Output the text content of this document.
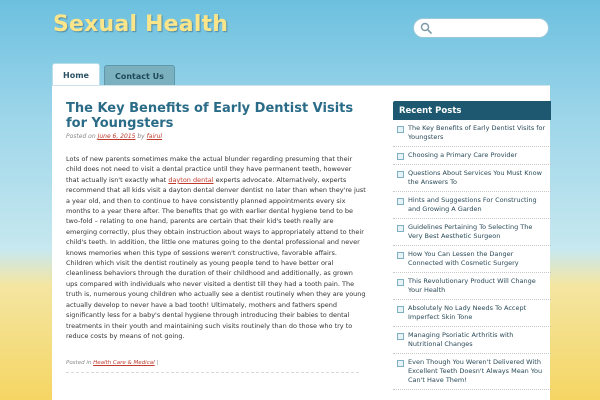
Sexual Health
Home	Contact Us
The Key Benefits of Early Dentist Visits for Youngsters
Posted on June 6, 2015 by fairul

Lots of new parents sometimes make the actual blunder regarding presuming that their child does not need to visit a dental practice until they have permanent teeth, however that actually isn't exactly what dayton dental experts advocate. Alternatively, experts recommend that all kids visit a dayton dental denver dentist no later than when they're just a year old, and then to continue to have consistently planned appointments every six months to a year there after. The benefits that go with earlier dental hygiene tend to be two-fold – relating to one hand, parents are certain that their kid's teeth really are emerging correctly, plus they obtain instruction about ways to appropriately attend to their child's teeth. In addition, the little one matures going to the dental professional and never knows memories when this type of sessions weren't constructive, favorable affairs. Children which visit the dentist routinely as young people tend to have better oral cleanliness behaviors through the duration of their childhood and additionally, as grown ups compared with individuals who never visited a dentist till they had a tooth pain. The truth is, numerous young children who actually see a dentist routinely when they are young actually develop to never have a bad tooth! Ultimately, mothers and fathers spend significantly less for a baby's dental hygiene through introducing their babies to dental treatments in their youth and maintaining such visits routinely than do those who try to reduce costs by means of not going.

Posted in Health Care & Medical |
Recent Posts
The Key Benefits of Early Dentist Visits for Youngsters
Choosing a Primary Care Provider
Questions About Services You Must Know the Answers To
Hints and Suggestions For Constructing and Growing A Garden
Guidelines Pertaining To Selecting The Very Best Aesthetic Surgeon
How You Can Lessen the Danger Connected with Cosmetic Surgery
This Revolutionary Product Will Change Your Health
Absolutely No Lady Needs To Accept Imperfect Skin Tone
Managing Psoriatic Arthritis with Nutritional Changes
Even Though You Weren't Delivered With Excellent Teeth Doesn't Always Mean You Can't Have Them!
